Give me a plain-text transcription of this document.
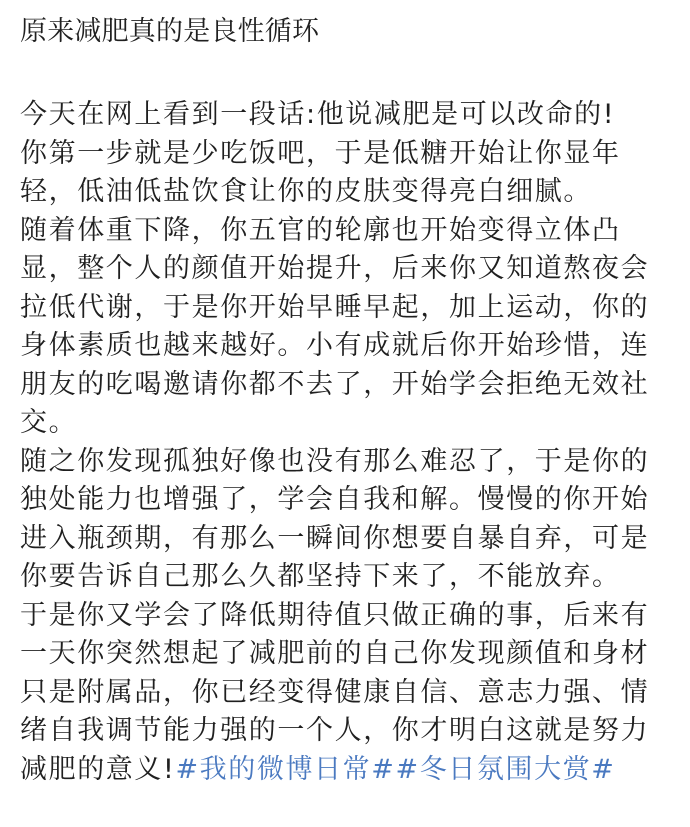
原来减肥真的是良性循环

今天在网上看到一段话:他说减肥是可以改命的!

你第一步就是少吃饭吧，于是低糖开始让你显年

轻，低油低盐饮食让你的皮肤变得亮白细腻。

随着体重下降，你五官的轮廓也开始变得立体凸

显，整个人的颜值开始提升，后来你又知道熬夜会

拉低代谢，于是你开始早睡早起，加上运动，你的

身体素质也越来越好。小有成就后你开始珍惜，连

朋友的吃喝邀请你都不去了，开始学会拒绝无效社

交。

随之你发现孤独好像也没有那么难忍了，于是你的

独处能力也增强了，学会自我和解。慢慢的你开始

进入瓶颈期，有那么一瞬间你想要自暴自弃，可是

你要告诉自己那么久都坚持下来了，不能放弃。

于是你又学会了降低期待值只做正确的事，后来有

一天你突然想起了减肥前的自己你发现颜值和身材

只是附属品，你已经变得健康自信、意志力强、情

绪自我调节能力强的一个人，你才明白这就是努力

减肥的意义!#我的微博日常##冬日氛围大赏#
